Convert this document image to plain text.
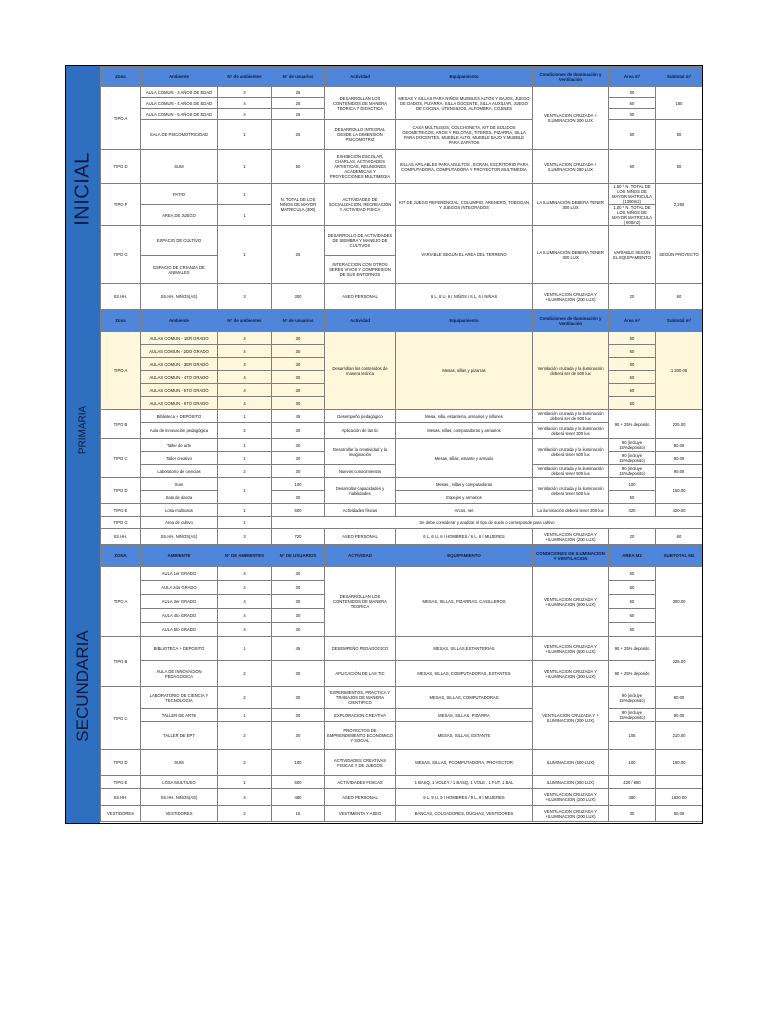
INICIAL
PRIMARIA
SECUNDARIA
Zona	Ambiente	N° de ambientes	N° de usuarios	Actividad	Equipamiento	Condiciones de Iluminación y Ventilación	Área m²	Subtotal m²
TIPO A	AULA COMUN - 3 AÑOS DE EDAD	4	25	DESARROLLAN LOS CONTENIDOS DE MANERA TEORICA Y DIDACTICA	MESAS Y SILLAS PARA NIÑOS MUEBLES ALTOS Y BAJOS, JUEGO DE DADOS, PIZARRA, SILLA DOCENTE, SILLA AUXILIAR, JUEGO DE COCINA, UTENSILIOS, ALFOMBRA, COJINES	VENTILACION CRUZADA + ILUMINACION 300 LUX	60	180
	AULA COMUN - 4 AÑOS DE EDAD	4	25				60	
	AULA COMUN - 5 AÑOS DE EDAD	4	25				60	
	SALA DE PSICOMOTRICIDAD	1	25	DESARROLLO INTEGRAL DESDE LA DIMENSION PSICOMOTRIZ	CASA MULTIUSOS, COLCHONETA, KIT DE SOLIDOS GEOMETRICOS, AROS Y PELOTAS, TITERES, PIZARRA, SILLA PARA DOCENTES, MUEBLE ALTO, MUEBLE BAJO Y MUEBLE PARA ZAPATOS		50	50
TIPO D	SUM	1	50	EXHIBICION ESCOLAR, CHARLAS, ACTIVIDADES ARTISTICAS, REUNIONES ACADEMICAS Y PROYECCIONES MULTIMEDIA	SILLAS APILABLES PARA ADULTOS , ECRAN, ESCRITORIO PARA COMPUTADORA, COMPUTADORA Y PROYECTOR MULTIMEDIA	VENTILACION CRUZADA + ILUMINACION 280 LUX	60	60
TIPO F	PATIO	1	N. TOTAL DE LOS NIÑOS DE MAYOR MATRICULA (300)	ACTIVIDADES DE SOCIALIZACION, RECREACIÓN Y ACTIVIDAD FISICA	KIT DE JUEGO REFERENCIAL: COLUMPIO, ARENERO, TOBOGAN Y JUEGOS INTEGRADOS	LA ILUMINACIÓN DEBERA TENER 300 LUX	1.50 * N. TOTAL DE LOS NIÑOS DE MAYOR MATRICULA (1350m2)	2,250
	AREA DE JUEGO	1					1.00 * N. TOTAL DE LOS NIÑOS DE MAYOR MATRICULA ( 900m2)	
TIPO G	ESPACIO DE CULTIVO	1	25	DESARROLLO DE ACTIVIDADES DE SIEMBRA Y MANEJO DE CULTIVOS	VARIABLE SEGÚN EL AREA DEL TERRENO	LA ILUMINACIÓN DEBERA TENER 300 LUX	VARIABLE SEGÚN EL EQUIPAMIENTO	SEGÚN PROYECTO
	ESPACIO DE CRIANZA DE ANIMALES			INTERACCION CON OTROS SERES VIVOS Y COMPRESION DE SUS ENTORNOS				
SS.HH.	SS.HH. NIÑOS(AS)	3	300	ASEO PERSONAL	6 L, 6 U, 6 I NIÑOS / 6 L, 6 I NIÑAS	VENTILACION CRUZADA Y +ILUMINACION (200 LUX)	20	60
Zona	Ambiente	N° de ambientes	N° de usuarios	Actividad	Equipamiento	Condiciones de Iluminación y Ventilación	Área m²	Subtotal m²
TIPO A	AULAS COMUN - 1ER GRADO	4	30	Desarrollan los contenidos de manera teórica	Mesas, sillas y pizarras	Ventilación cruzada y la iluminación deberá ser de 500 lux	60	1 200.00
	AULAS COMUN - 2DO GRADO	4	30				60	
	AULAS COMUN - 3ER GRADO	4	30				60	
	AULAS COMUN - 4TO GRADO	4	30				60	
	AULAS COMUN - 5TO GRADO	4	30				60	
	AULAS COMUN - 6TO GRADO	4	30				60	
TIPO B	Biblioteca + DEPOSITO	1	45	Desempeño pedagógico	Mesa, silla, estantería, armarios y sillones	Ventilación cruzada y la iluminación deberá ser de 500 lux	90 + 25% deposito	225.00
	Aula de innovación pedagógica	2	30	Aplicación de las tic	Mesas, sillas, computadoras y armarios	Ventilación cruzada y la iluminación deberá tener 300 lux		
TIPO C	Taller de arte	1	30	Desarrollar la creatividad y la imaginación	Mesas, sillas, estante y armario	Ventilación cruzada y la iluminación deberá tener 500 lux	90 (incluye 15%deposito)	90.00
	Taller creativo	1	30				90 (incluye 15%deposito)	90.00
	Laboratorio de ciencias	2	30	Nuevos conocimientos		Ventilación cruzada y la iluminación deberá tener 500 lux	90 (incluye 15%deposito)	90.00
TIPO D	Sum	1	100	Desarrollar capacidades y habilidades	Mesas , sillas y computadoras	Ventilación cruzada y la iluminación deberá tener 500 lux	100	150.00
	Sala de danza		30		Espejos y armarios		50	
TIPO E	Losa multiusos	1	600	Actividades físicas	Arcos, net	La iluminación deberá tener 300 lux	420	420.00
TIPO G	Área de cultivo	1	Se debe considerar y analizar el tipo de suelo o corresponde para cultivo					
SS.HH.	SS.HH. NIÑOS(AS)	3	720	ASEO PERSONAL	6 L, 6 U, 6 I HOMBRES / 6 L, 6 I MUJERES	VENTILACION CRUZADA Y +ILUMINACION (200 LUX)	20	60
ZONA	AMBIENTE	N° DE AMBIENTES	N° DE USUARIOS	ACTIVIDAD	EQUIPAMIENTO	CONDICIONES DE ILUMINACION Y VENTILACION	AREA M2	SUBTOTAL M2
TIPO A	AULA 1er GRADO	4	30	DESARROLLAN LOS CONTENIDOS DE MANERA TEORICA	MESAS, SILLAS, PIZARRAS, CASILLEROS	VENTILACION CRUZADA Y +ILUMINACION (500 LUX)	60	300.00
	AULA 2do GRADO	4	30				60	
	AULA 3er GRADO	4	30				60	
	AULA 4to GRADO	4	30				60	
	AULA 5to GRADO	4	30				60	
TIPO B	BIBLIOTECA + DEPOSITO	1	45	DESEMPEÑO PEDAGOGICO	MESAS, SILLAS,ESTANTERIAS	VENTILACION CRUZADA Y +ILUMINACION (500 LUX)	90 + 25% deposito	225.00
	AULA DE INNOVACION PEDAGOGICA	2	30	APLICACIÓN DE LAS TIC	MESAS, SILLAS, COMPUTADORAS, ESTANTES	VENTILACION CRUZADA Y +ILUMINACION (300 LUX)	90 + 25% deposito	
TIPO C	LABORATORIO DE CIENCIA Y TECNOLOGIA	2	30	EXPERIMENTOS, PRACTICA Y TRABAJOS DE MANERA CIENTIFICO	MESAS, SILLAS, COMPUTADORAS	VENTILACION CRUZADA Y + ILUMINACION (300 LUX)	90 (incluye 15%deposito)	90.00
	TALLER DE ARTE	1	30	EXPLORACION CREATIVA	MESAS, SILLAS, PIZARRA		90 (incluye 15%deposito)	90.00
	TALLER DE EPT	2	30	PROYECTOS DE EMPRENDIMIENTO ECONOMICO Y SOCIAL	MESAS, SILLAS, ESTANTE		105	210.00
TIPO D	SUM	2	100	ACTIVIDADES CREATIVAS FISICAS Y DE JUEGOS	MESAS, SILLAS, PCOMPUTADORA, PROYECTOR	ILUMINACION (500 LUX)	100	100.00
TIPO E	LOSA MULTIUSO	1	600	ACTIVIDADES FISICAS	1 BASQ, 1 VOLEY / 1 BASQ, 1 VOLE , 1 FUT, 1 BAL	ILUMINACION (300 LUX)	420 / 880	
SS.HH.	SS.HH. NIÑOS(AS)	4	480	ASEO PERSONAL	9 L, 9 U, 9 I HOMBRES / 9 L, 9 I MUJERES	VENTILACION CRUZADA Y +ILUMINACION (200 LUX)	480	1920.00
VESTIDORES	VESTIDORES	2	15	VESTIMENTA Y ASEO	BANCAS, COLGADORES, DUCHAS, VESTIDORES	VENTILACION CRUZADA Y +ILUMINACION (200 LUX)	30	60.00
